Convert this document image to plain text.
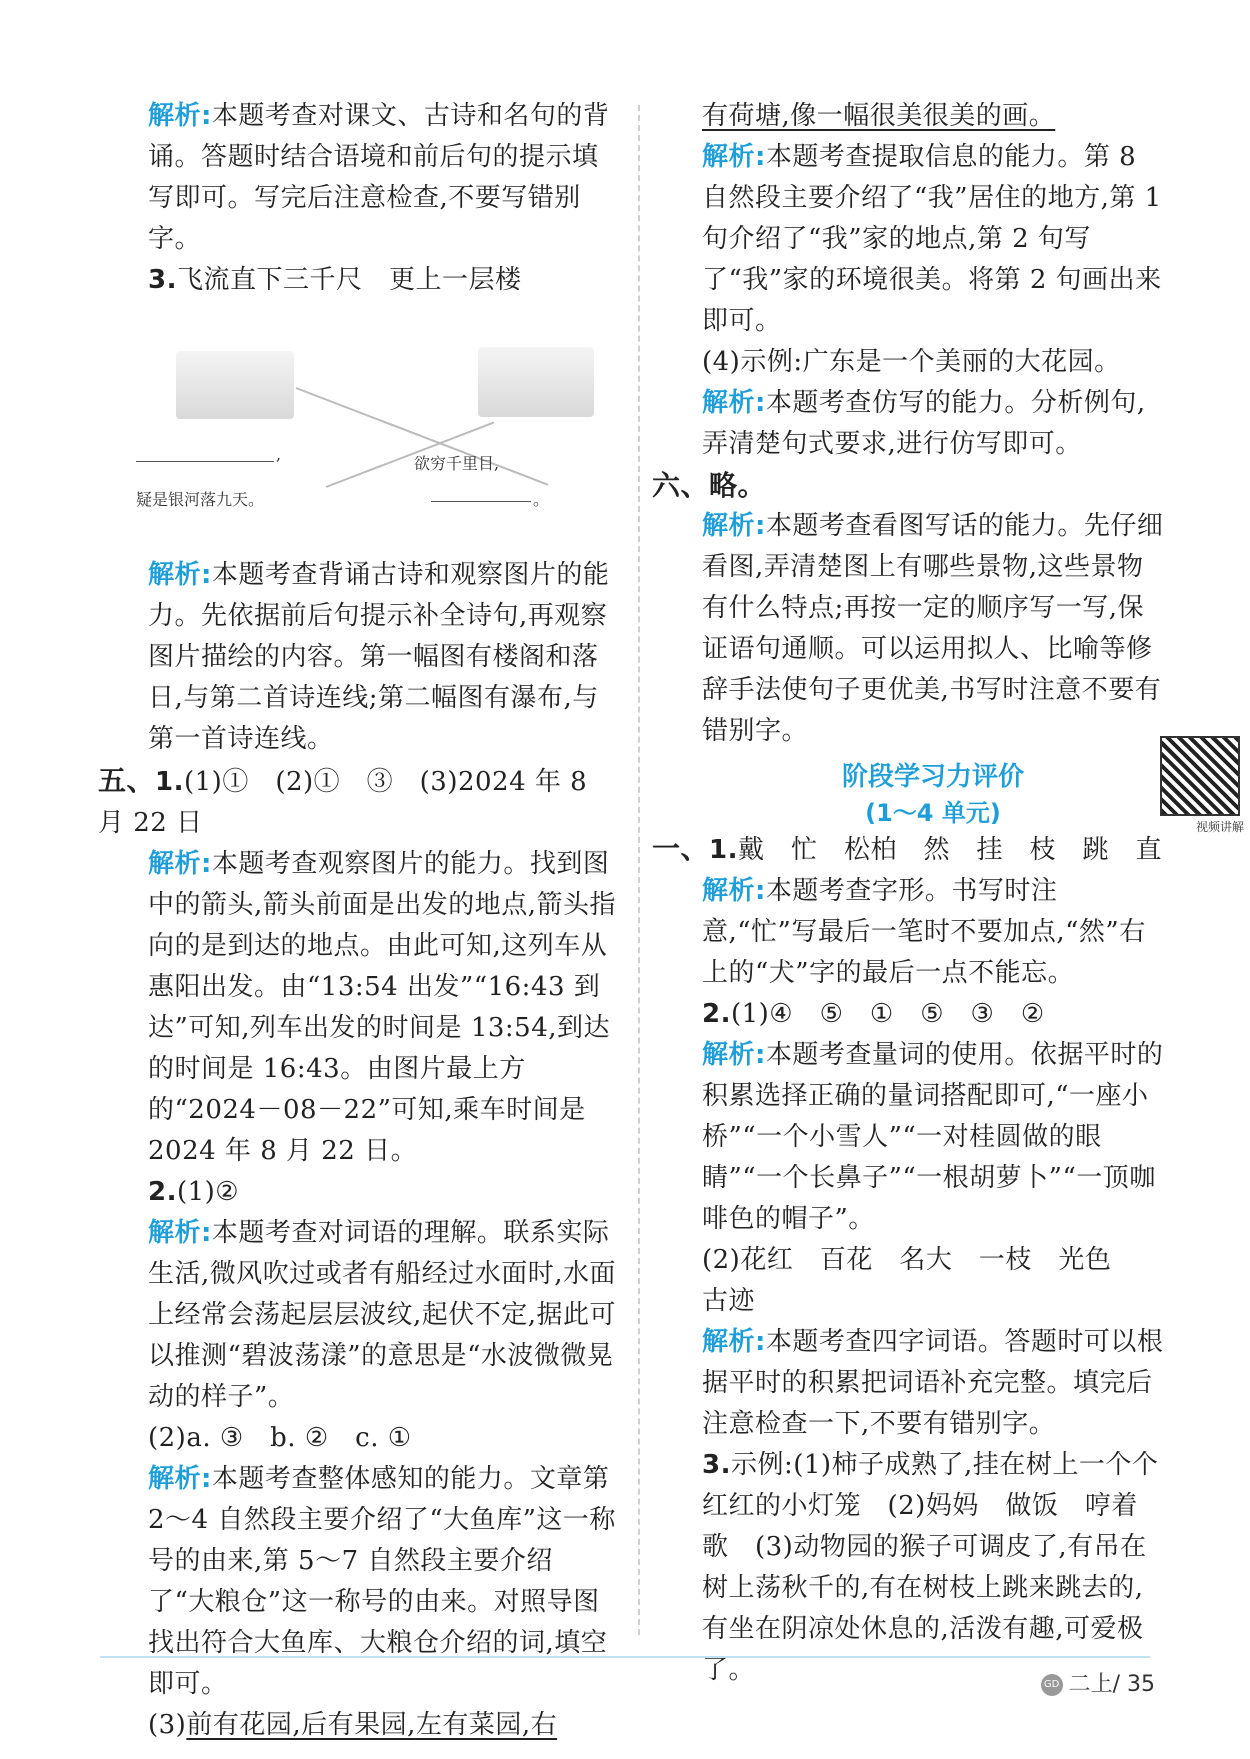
解析:本题考查对课文、古诗和名句的背诵。答题时结合语境和前后句的提示填写即可。写完后注意检查,不要写错别字。

3.飞流直下三千尺　更上一层楼

,	欲穷千里目,
疑是银河落九天。	。

解析:本题考查背诵古诗和观察图片的能力。先依据前后句提示补全诗句,再观察图片描绘的内容。第一幅图有楼阁和落日,与第二首诗连线;第二幅图有瀑布,与第一首诗连线。

五、1.(1)①　(2)①　③　(3)2024 年 8 月 22 日

解析:本题考查观察图片的能力。找到图中的箭头,箭头前面是出发的地点,箭头指向的是到达的地点。由此可知,这列车从惠阳出发。由“13:54 出发”“16:43 到达”可知,列车出发的时间是 13:54,到达的时间是 16:43。由图片最上方的“2024－08－22”可知,乘车时间是 2024 年 8 月 22 日。

2.(1)②

解析:本题考查对词语的理解。联系实际生活,微风吹过或者有船经过水面时,水面上经常会荡起层层波纹,起伏不定,据此可以推测“碧波荡漾”的意思是“水波微微晃动的样子”。

(2)a. ③　b. ②　c. ①

解析:本题考查整体感知的能力。文章第 2～4 自然段主要介绍了“大鱼库”这一称号的由来,第 5～7 自然段主要介绍了“大粮仓”这一称号的由来。对照导图找出符合大鱼库、大粮仓介绍的词,填空即可。

(3)前有花园,后有果园,左有菜园,右

有荷塘,像一幅很美很美的画。

解析:本题考查提取信息的能力。第 8 自然段主要介绍了“我”居住的地方,第 1 句介绍了“我”家的地点,第 2 句写了“我”家的环境很美。将第 2 句画出来即可。

(4)示例:广东是一个美丽的大花园。

解析:本题考查仿写的能力。分析例句,弄清楚句式要求,进行仿写即可。

六、略。

解析:本题考查看图写话的能力。先仔细看图,弄清楚图上有哪些景物,这些景物有什么特点;再按一定的顺序写一写,保证语句通顺。可以运用拟人、比喻等修辞手法使句子更优美,书写时注意不要有错别字。

阶段学习力评价
(1～4 单元)

一、1.戴　忙　松柏　然　挂　枝　跳　直

解析:本题考查字形。书写时注意,“忙”写最后一笔时不要加点,“然”右上的“犬”字的最后一点不能忘。

2.(1)④　⑤　①　⑤　③　②

解析:本题考查量词的使用。依据平时的积累选择正确的量词搭配即可,“一座小桥”“一个小雪人”“一对桂圆做的眼睛”“一个长鼻子”“一根胡萝卜”“一顶咖啡色的帽子”。

(2)花红　百花　名大　一枝　光色　古迹

解析:本题考查四字词语。答题时可以根据平时的积累把词语补充完整。填完后注意检查一下,不要有错别字。

3.示例:(1)柿子成熟了,挂在树上一个个红红的小灯笼　(2)妈妈　做饭　哼着歌　(3)动物园的猴子可调皮了,有吊在树上荡秋千的,有在树枝上跳来跳去的,有坐在阴凉处休息的,活泼有趣,可爱极了。

视频讲解
GD 二上/ 35
